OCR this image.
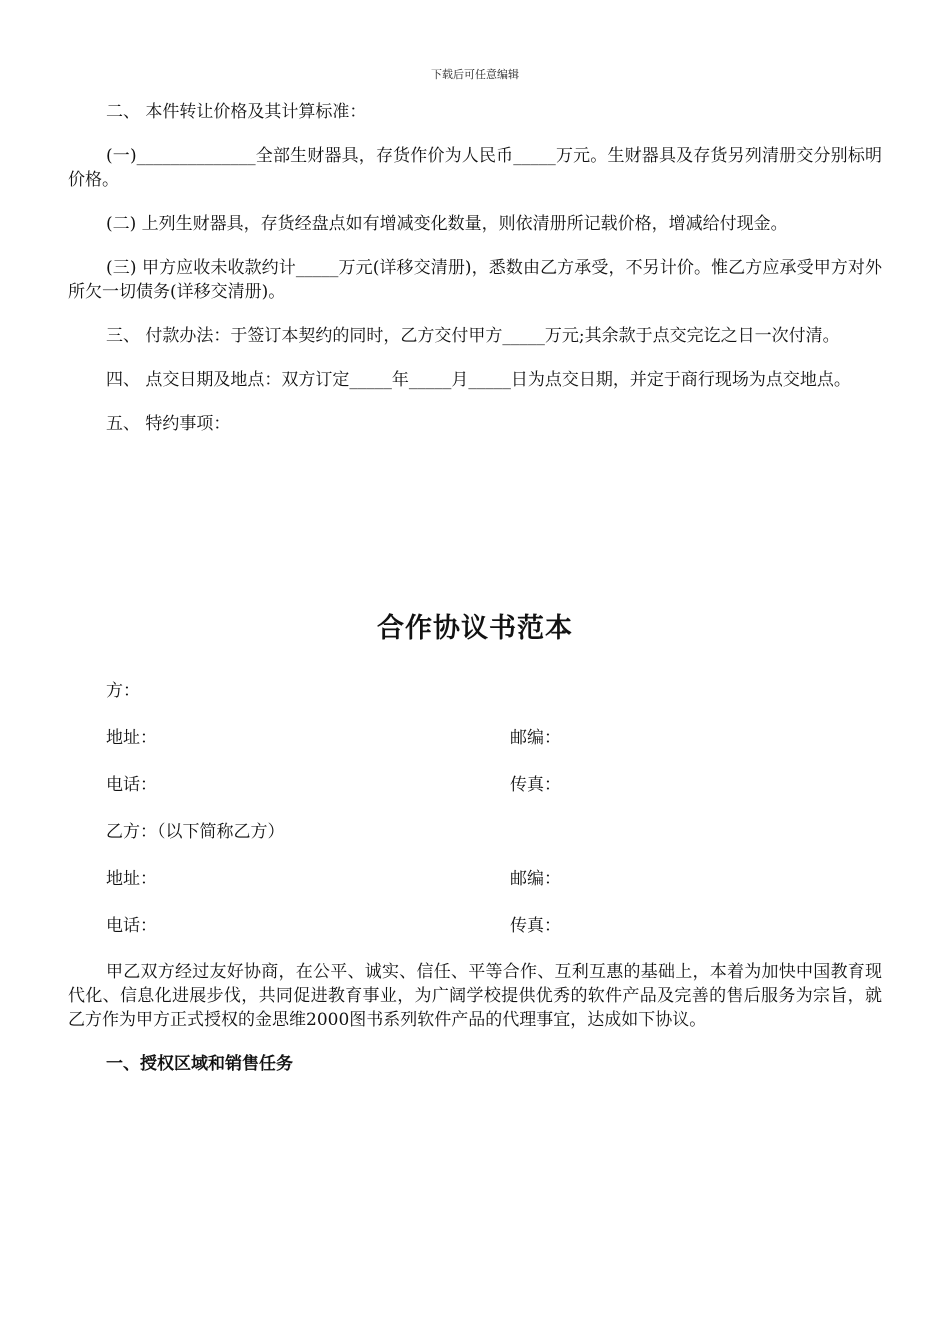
下载后可任意编辑

二、 本件转让价格及其计算标准：

(一)______________全部生财器具，存货作价为人民币_____万元。生财器具及存货另列清册交分别标明价格。

(二) 上列生财器具，存货经盘点如有增减变化数量，则依清册所记载价格，增减给付现金。

(三) 甲方应收未收款约计_____万元(详移交清册)，悉数由乙方承受，不另计价。惟乙方应承受甲方对外所欠一切债务(详移交清册)。

三、 付款办法：于签订本契约的同时，乙方交付甲方_____万元;其余款于点交完讫之日一次付清。

四、 点交日期及地点：双方订定_____年_____月_____日为点交日期，并定于商行现场为点交地点。

五、 特约事项：

合作协议书范本
方：
地址：	邮编：
电话：	传真：
乙方：（以下简称乙方）
地址：	邮编：
电话：	传真：

甲乙双方经过友好协商，在公平、诚实、信任、平等合作、互利互惠的基础上，本着为加快中国教育现代化、信息化进展步伐，共同促进教育事业，为广阔学校提供优秀的软件产品及完善的售后服务为宗旨，就乙方作为甲方正式授权的金思维2000图书系列软件产品的代理事宜，达成如下协议。

一、授权区域和销售任务
